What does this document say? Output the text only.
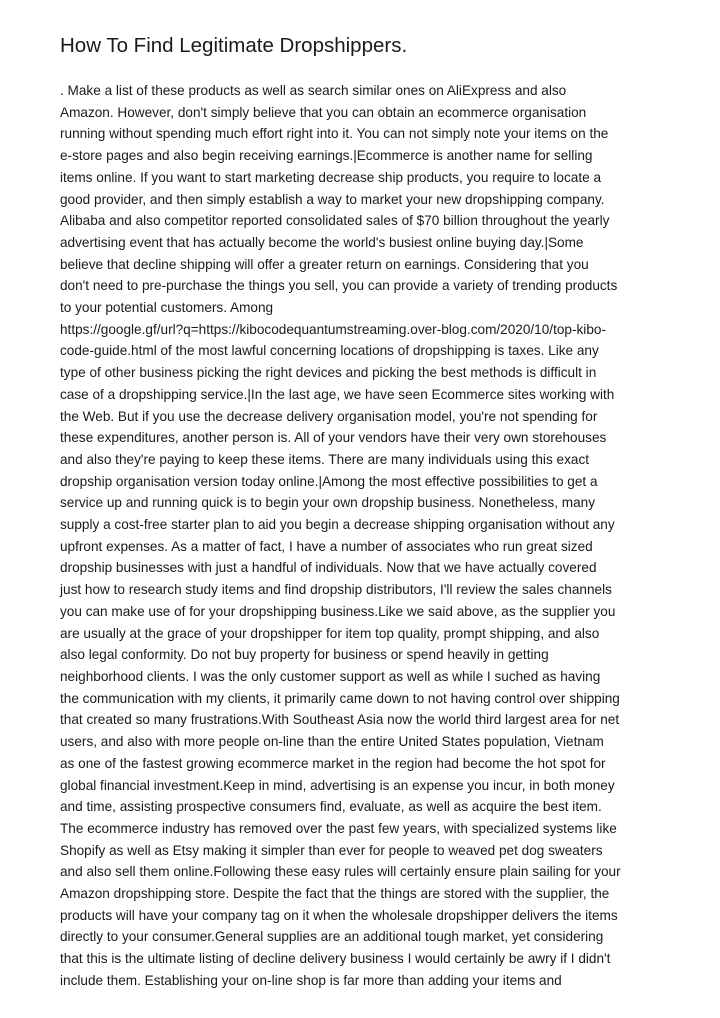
How To Find Legitimate Dropshippers.
. Make a list of these products as well as search similar ones on AliExpress and also
Amazon. However, don't simply believe that you can obtain an ecommerce organisation
running without spending much effort right into it. You can not simply note your items on the
e-store pages and also begin receiving earnings.|Ecommerce is another name for selling
items online. If you want to start marketing decrease ship products, you require to locate a
good provider, and then simply establish a way to market your new dropshipping company.
Alibaba and also competitor reported consolidated sales of $70 billion throughout the yearly
advertising event that has actually become the world's busiest online buying day.|Some
believe that decline shipping will offer a greater return on earnings. Considering that you
don't need to pre-purchase the things you sell, you can provide a variety of trending products
to your potential customers. Among
https://google.gf/url?q=https://kibocodequantumstreaming.over-blog.com/2020/10/top-kibo-
code-guide.html of the most lawful concerning locations of dropshipping is taxes. Like any
type of other business picking the right devices and picking the best methods is difficult in
case of a dropshipping service.|In the last age, we have seen Ecommerce sites working with
the Web. But if you use the decrease delivery organisation model, you're not spending for
these expenditures, another person is. All of your vendors have their very own storehouses
and also they're paying to keep these items. There are many individuals using this exact
dropship organisation version today online.|Among the most effective possibilities to get a
service up and running quick is to begin your own dropship business. Nonetheless, many
supply a cost-free starter plan to aid you begin a decrease shipping organisation without any
upfront expenses. As a matter of fact, I have a number of associates who run great sized
dropship businesses with just a handful of individuals. Now that we have actually covered
just how to research study items and find dropship distributors, I'll review the sales channels
you can make use of for your dropshipping business.Like we said above, as the supplier you
are usually at the grace of your dropshipper for item top quality, prompt shipping, and also
also legal conformity. Do not buy property for business or spend heavily in getting
neighborhood clients. I was the only customer support as well as while I suched as having
the communication with my clients, it primarily came down to not having control over shipping
that created so many frustrations.With Southeast Asia now the world third largest area for net
users, and also with more people on-line than the entire United States population, Vietnam
as one of the fastest growing ecommerce market in the region had become the hot spot for
global financial investment.Keep in mind, advertising is an expense you incur, in both money
and time, assisting prospective consumers find, evaluate, as well as acquire the best item.
The ecommerce industry has removed over the past few years, with specialized systems like
Shopify as well as Etsy making it simpler than ever for people to weaved pet dog sweaters
and also sell them online.Following these easy rules will certainly ensure plain sailing for your
Amazon dropshipping store. Despite the fact that the things are stored with the supplier, the
products will have your company tag on it when the wholesale dropshipper delivers the items
directly to your consumer.General supplies are an additional tough market, yet considering
that this is the ultimate listing of decline delivery business I would certainly be awry if I didn't
include them. Establishing your on-line shop is far more than adding your items and
